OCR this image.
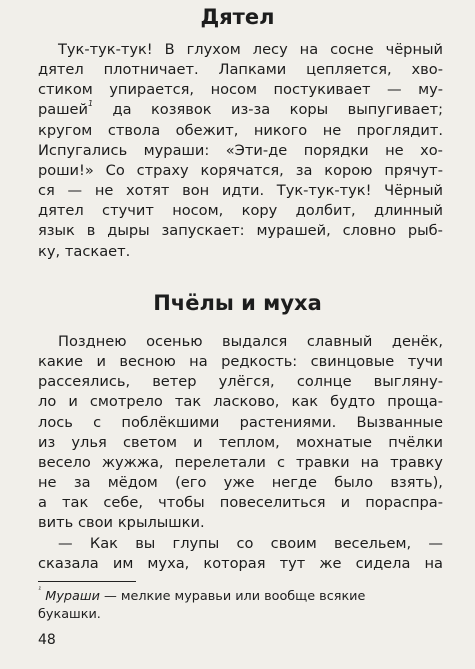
Дятел
Тук-тук-тук! В глухом лесу на сосне чёрный
дятел плотничает. Лапками цепляется, хво-
стиком упирается, носом постукивает — му-
рашей$^1$ да козявок из-за коры выпугивает;
кругом ствола обежит, никого не проглядит.
Испугались мураши: «Эти-де порядки не хо-
роши!» Со страху корячатся, за корою прячут-
ся — не хотят вон идти. Тук-тук-тук! Чёрный
дятел стучит носом, кору долбит, длинный
язык в дыры запускает: мурашей, словно рыб-
ку, таскает.
Пчёлы и муха
Позднею осенью выдался славный денёк,
какие и весною на редкость: свинцовые тучи
рассеялись, ветер улёгся, солнце выгляну-
ло и смотрело так ласково, как будто проща-
лось с поблёкшими растениями. Вызванные
из улья светом и теплом, мохнатые пчёлки
весело жужжа, перелетали с травки на травку
не за мёдом (его уже негде было взять),
а так себе, чтобы повеселиться и пораспра-
вить свои крылышки.
— Как вы глупы со своим весельем, —
сказала им муха, которая тут же сидела на
$^{^1}$ Мураши — мелкие муравьи или вообще всякие
букашки.
48
